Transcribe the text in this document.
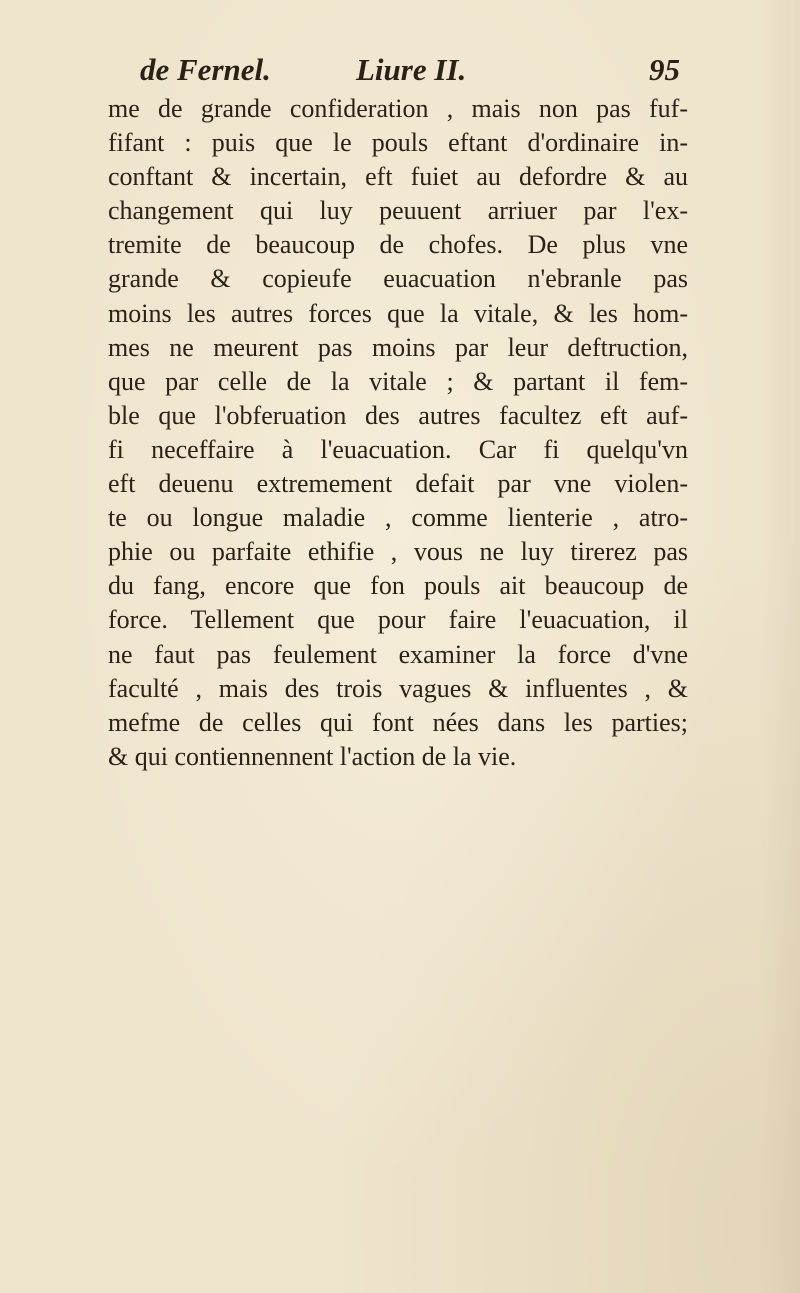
de Fernel.	Liure II.	95
me de grande confideration , mais non pas fuf-
fifant : puis que le pouls eftant d'ordinaire in-
conftant & incertain, eft fuiet au defordre & au
changement qui luy peuuent arriuer par l'ex-
tremite de beaucoup de chofes. De plus vne
grande & copieufe euacuation n'ebranle pas
moins les autres forces que la vitale, & les hom-
mes ne meurent pas moins par leur deftruction,
que par celle de la vitale ; & partant il fem-
ble que l'obferuation des autres facultez eft auf-
fi neceffaire à l'euacuation. Car fi quelqu'vn
eft deuenu extremement defait par vne violen-
te ou longue maladie , comme lienterie , atro-
phie ou parfaite ethifie , vous ne luy tirerez pas
du fang, encore que fon pouls ait beaucoup de
force. Tellement que pour faire l'euacuation, il
ne faut pas feulement examiner la force d'vne
faculté , mais des trois vagues & influentes , &
mefme de celles qui font nées dans les parties;
& qui contiennennent l'action de la vie.
